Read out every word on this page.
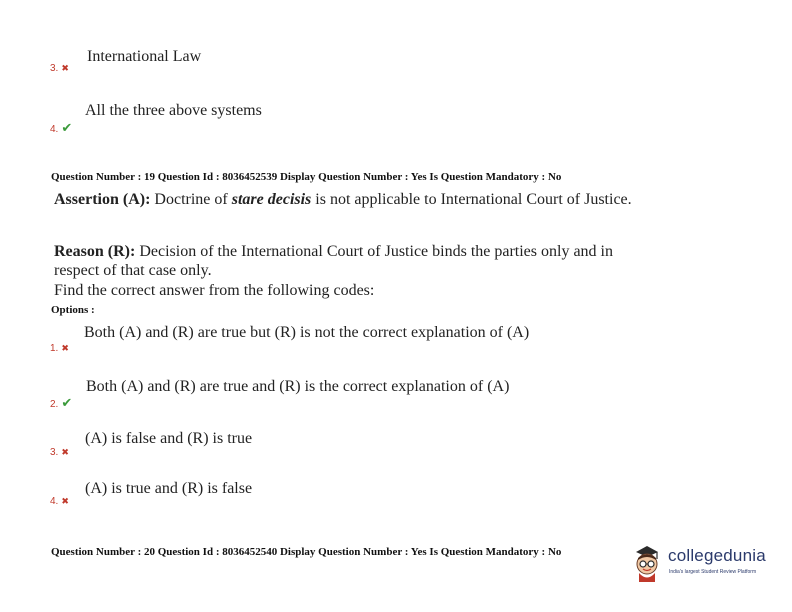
International Law
3. ✖
All the three above systems
4. ✔
Question Number : 19 Question Id : 8036452539 Display Question Number : Yes Is Question Mandatory : No
Assertion (A): Doctrine of stare decisis is not applicable to International Court of Justice.
Reason (R): Decision of the International Court of Justice binds the parties only and in respect of that case only.
Find the correct answer from the following codes:
Options :
Both (A) and (R) are true but (R) is not the correct explanation of (A)
1. ✖
Both (A) and (R) are true and (R) is the correct explanation of (A)
2. ✔
(A) is false and (R) is true
3. ✖
(A) is true and (R) is false
4. ✖
Question Number : 20 Question Id : 8036452540 Display Question Number : Yes Is Question Mandatory : No	collegedunia
India's largest Student Review Platform
